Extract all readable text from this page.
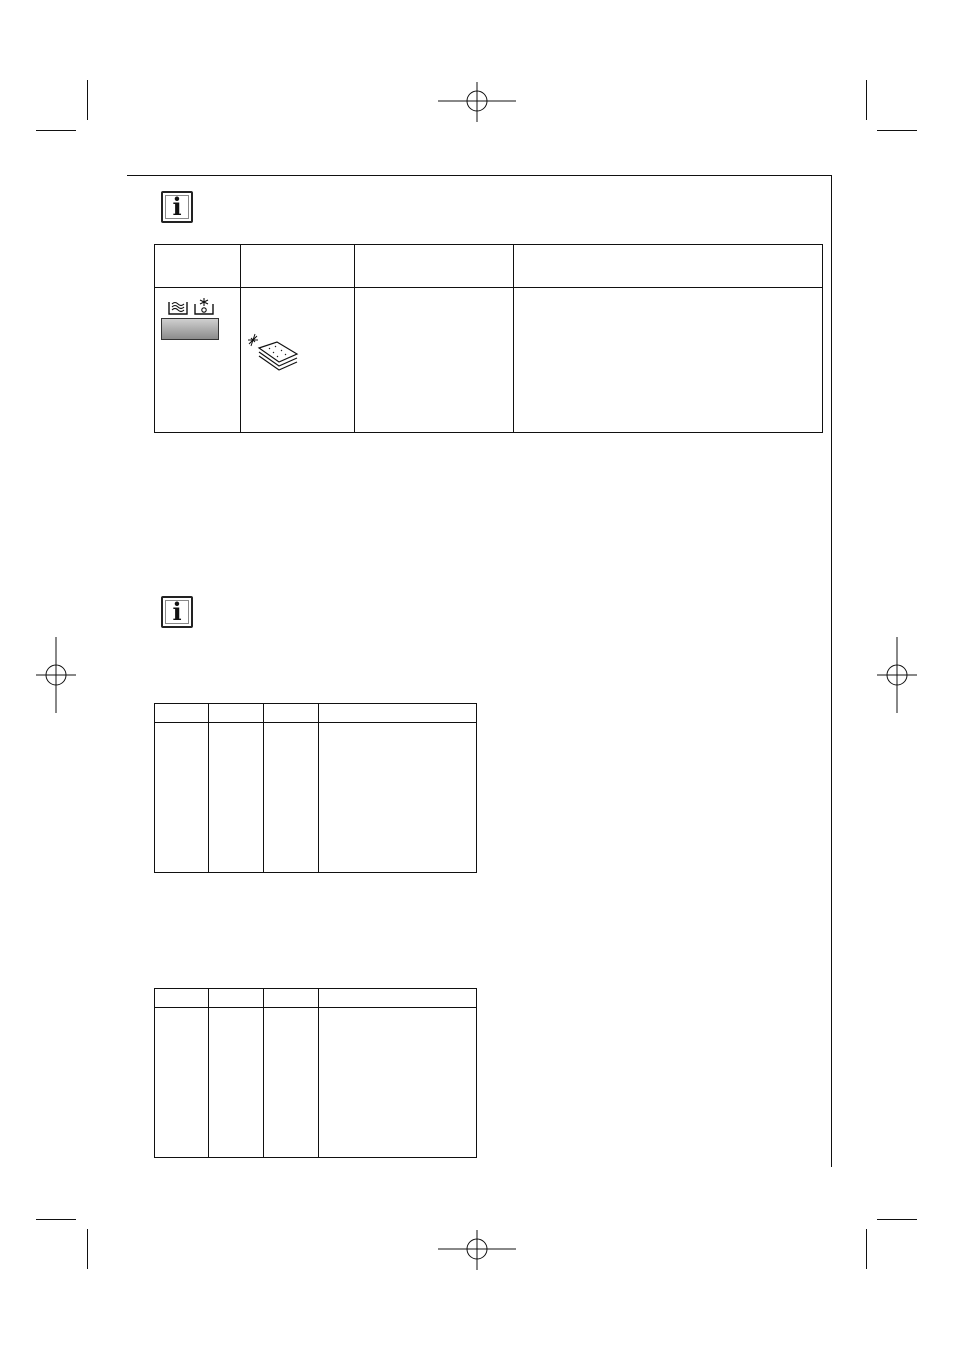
i

i
